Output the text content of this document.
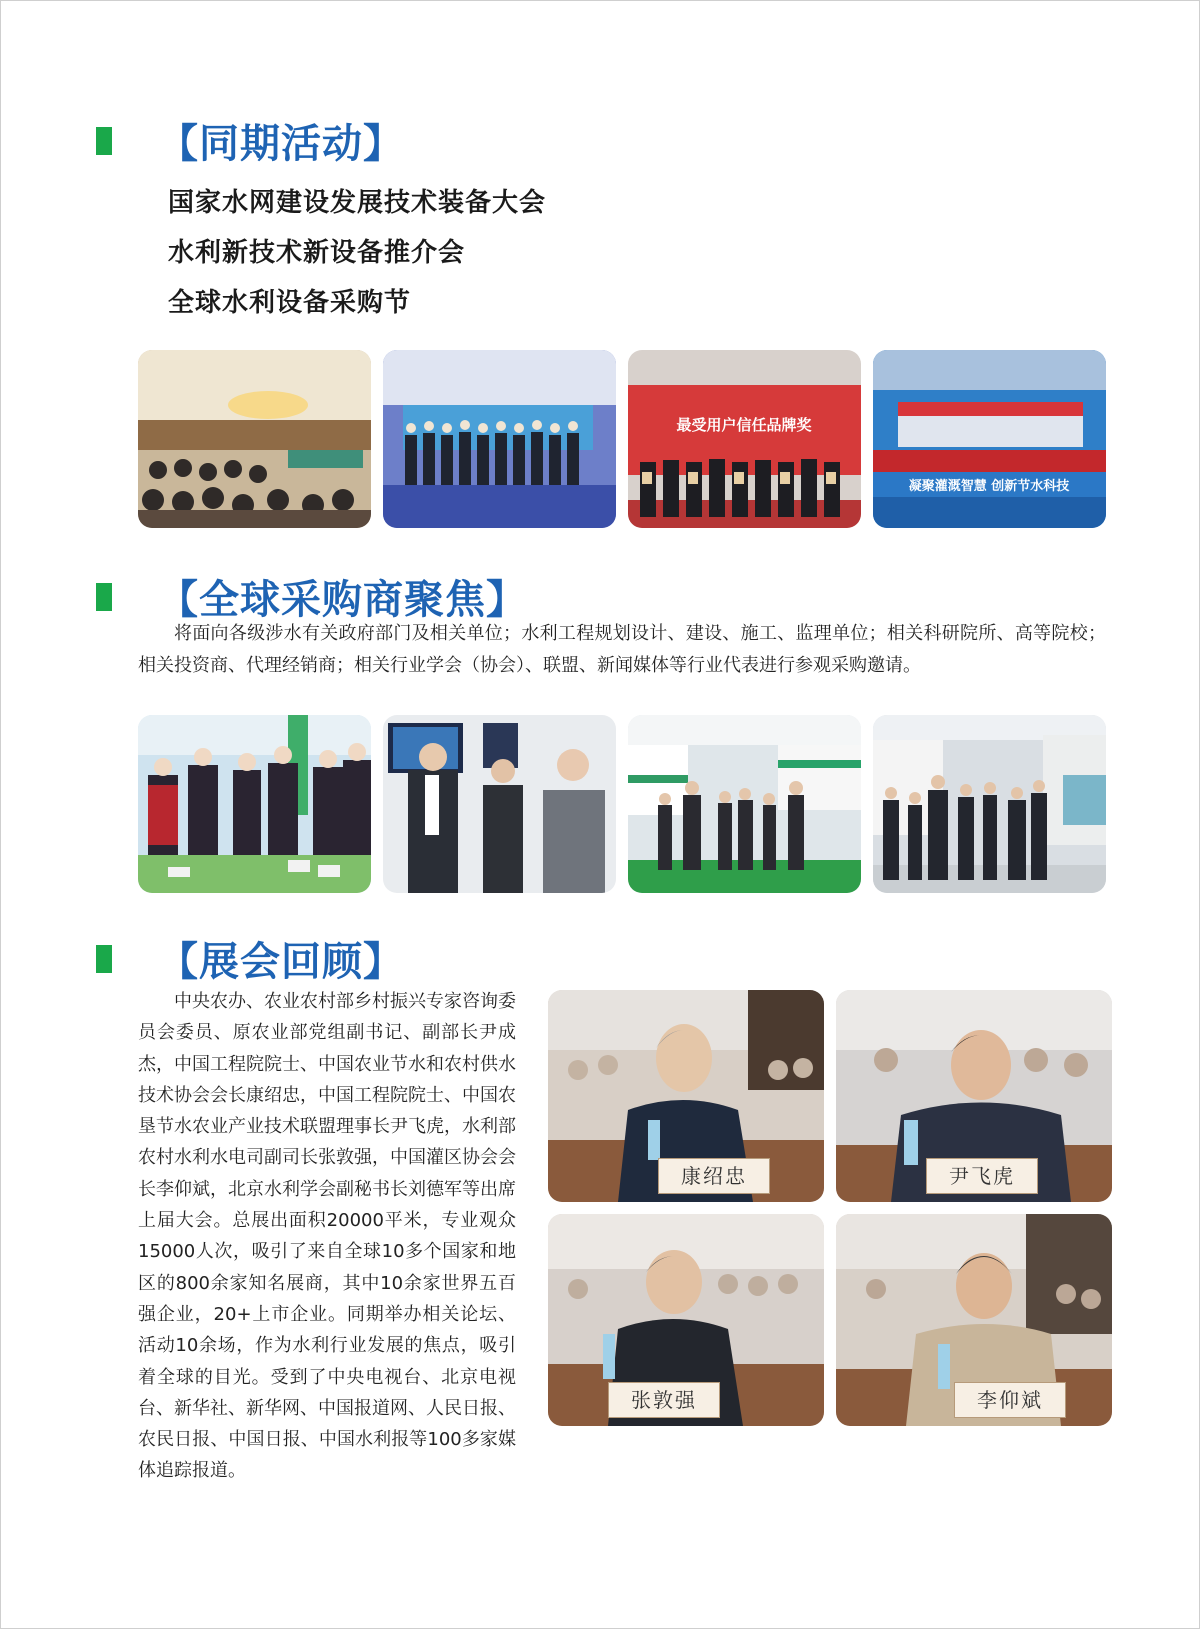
【同期活动】
国家水网建设发展技术装备大会
水利新技术新设备推介会
全球水利设备采购节
最受用户信任品牌奖
凝聚灌溉智慧 创新节水科技
【全球采购商聚焦】
将面向各级涉水有关政府部门及相关单位；水利工程规划设计、建设、施工、监理单位；相关科研院所、高等院校；相关投资商、代理经销商；相关行业学会（协会）、联盟、新闻媒体等行业代表进行参观采购邀请。
【展会回顾】
中央农办、农业农村部乡村振兴专家咨询委员会委员、原农业部党组副书记、副部长尹成杰，中国工程院院士、中国农业节水和农村供水技术协会会长康绍忠，中国工程院院士、中国农垦节水农业产业技术联盟理事长尹飞虎，水利部农村水利水电司副司长张敦强，中国灌区协会会长李仰斌，北京水利学会副秘书长刘德军等出席上届大会。总展出面积20000平米，专业观众15000人次，吸引了来自全球10多个国家和地区的800余家知名展商，其中10余家世界五百强企业，20+上市企业。同期举办相关论坛、活动10余场，作为水利行业发展的焦点，吸引着全球的目光。受到了中央电视台、北京电视台、新华社、新华网、中国报道网、人民日报、农民日报、中国日报、中国水利报等100多家媒体追踪报道。
康绍忠	尹飞虎
张敦强	李仰斌
